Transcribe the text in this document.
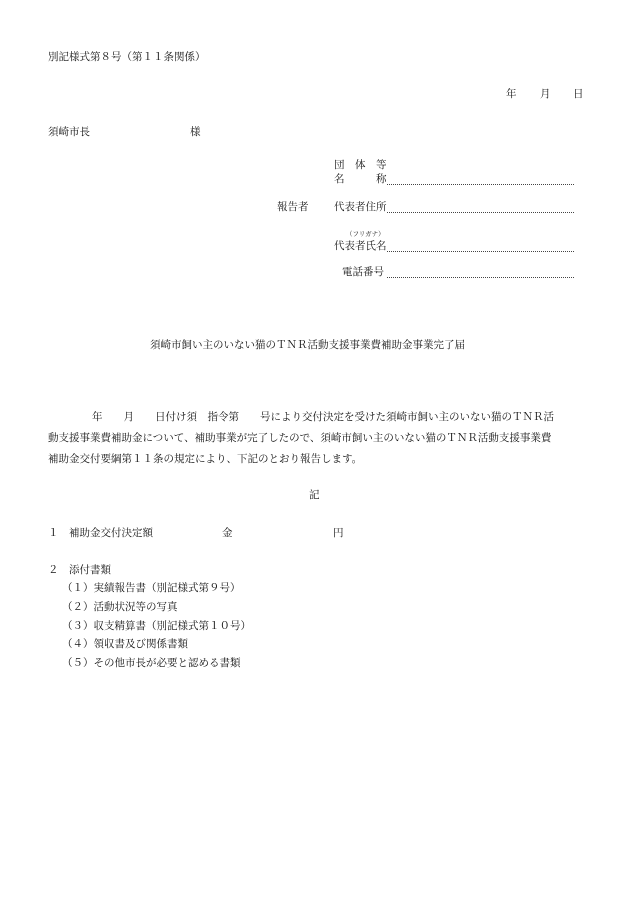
別記様式第８号（第１１条関係）
年 月 日
須崎市長	様
団　体　等
名	称
報告者 代表者住所
（フリガナ）
代表者氏名
電話番号
須崎市飼い主のいない猫のＴＮＲ活動支援事業費補助金事業完了届
年　　月　　日付け須　指令第　　号により交付決定を受けた須崎市飼い主のいない猫のＴＮＲ活
動支援事業費補助金について、補助事業が完了したので、須崎市飼い主のいない猫のＴＮＲ活動支援事業費
補助金交付要綱第１１条の規定により、下記のとおり報告します。
記
１ 補助金交付決定額	金	円
２ 添付書類
（１）実績報告書（別記様式第９号）
（２）活動状況等の写真
（３）収支精算書（別記様式第１０号）
（４）領収書及び関係書類
（５）その他市長が必要と認める書類
